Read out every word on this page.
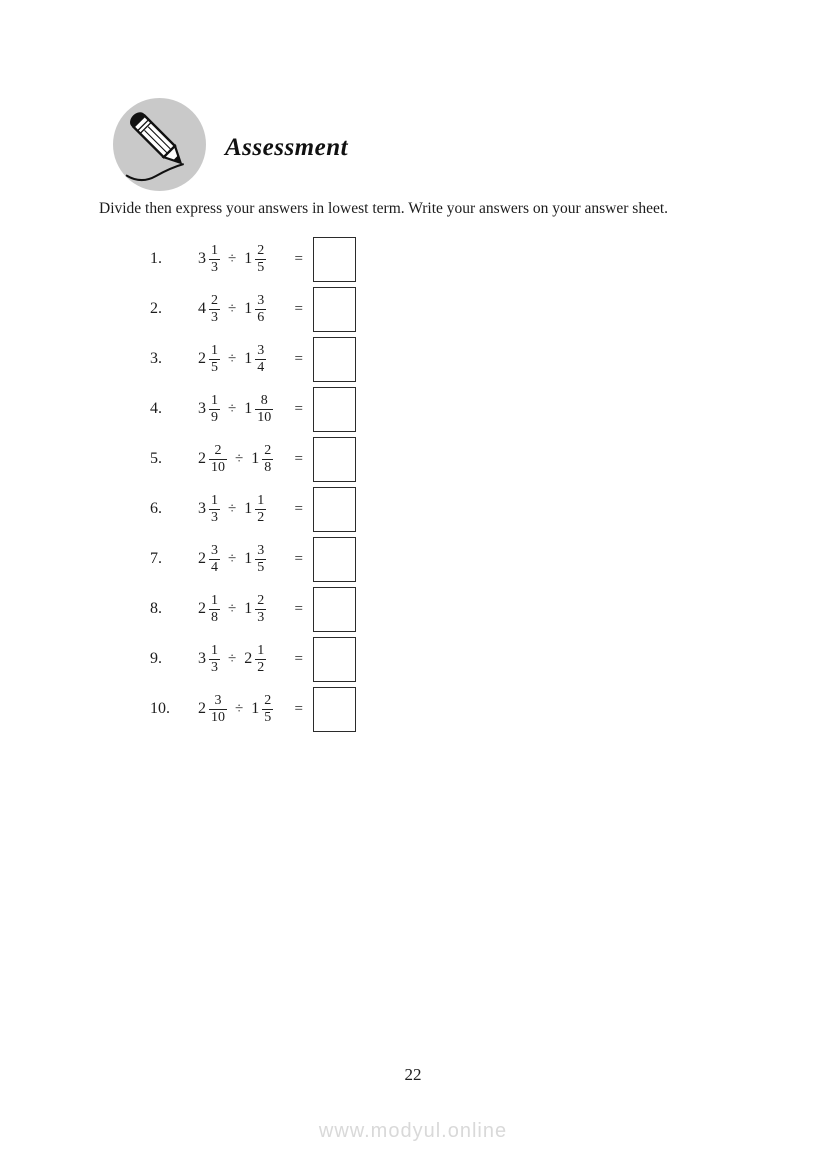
Assessment
Divide then express your answers in lowest term. Write your answers on your answer sheet.
1.	$3 \frac{1}{3} \div 1 \frac{2}{5}$ =
2.	$4 \frac{2}{3} \div 1 \frac{3}{6}$ =
3.	$2 \frac{1}{5} \div 1 \frac{3}{4}$ =
4.	$3 \frac{1}{9} \div 1 \frac{8}{10}$ =
5.	$2 \frac{2}{10} \div 1 \frac{2}{8}$ =
6.	$3 \frac{1}{3} \div 1 \frac{1}{2}$ =
7.	$2 \frac{3}{4} \div 1 \frac{3}{5}$ =
8.	$2 \frac{1}{8} \div 1 \frac{2}{3}$ =
9.	$3 \frac{1}{3} \div 2 \frac{1}{2}$ =
10.	$2 \frac{3}{10} \div 1 \frac{2}{5}$ =
22
www.modyul.online
